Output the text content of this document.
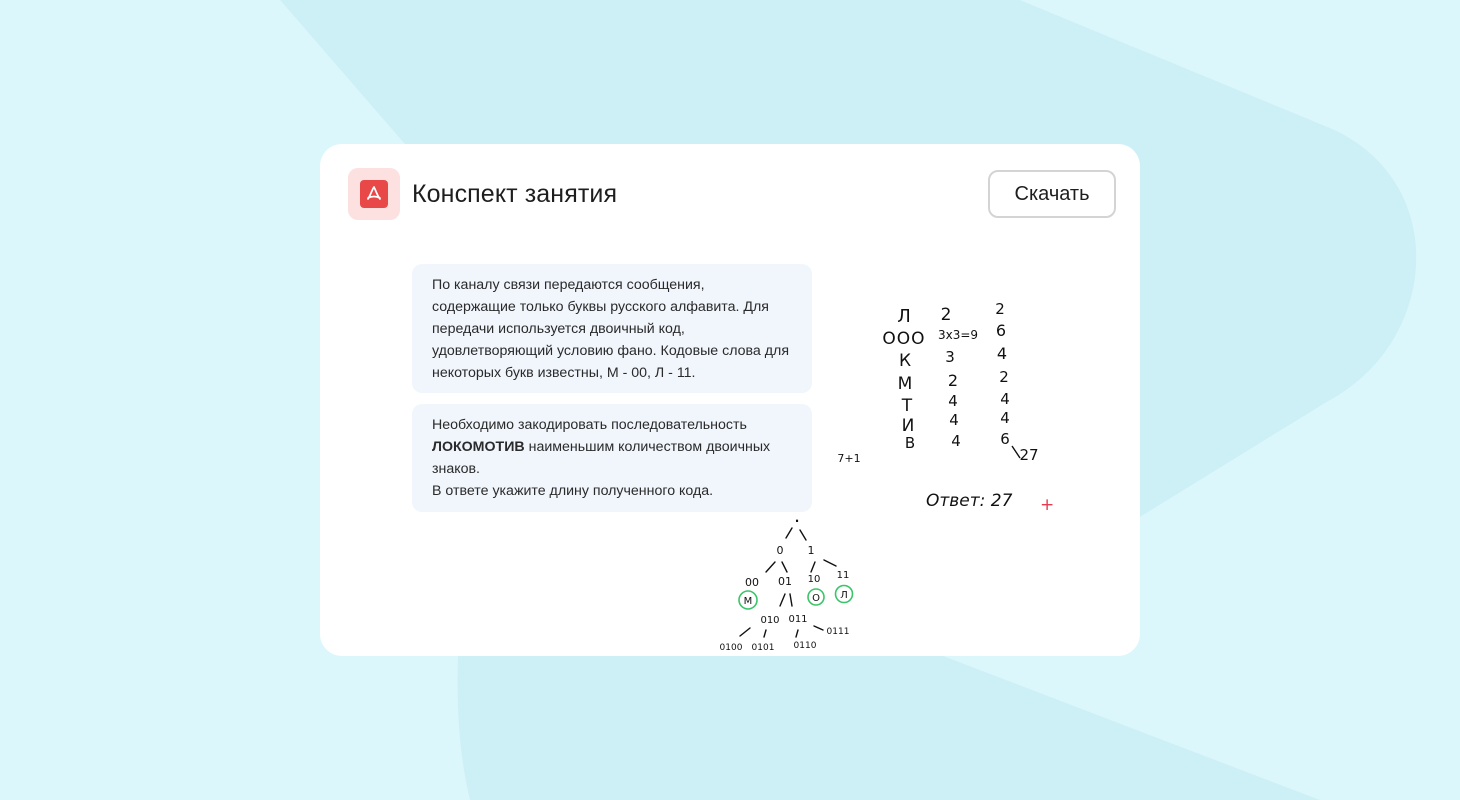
Конспект занятия	Скачать
По каналу связи передаются сообщения, содержащие только буквы русского алфавита. Для передачи используется двоичный код, удовлетворяющий условию фано. Кодовые слова для некоторых букв известны, М - 00, Л - 11.
Необходимо закодировать последовательность ЛОКОМОТИВ наименьшим количеством двоичных знаков.
В ответе укажите длину полученного кода.
Л
ООО
К
М
Т
И
В
2
3x3=9
3
2
4
4
4
2
6
4
2
4
4
6
27
7+1
Ответ: 27 +
.
0 1
00 01 10 11
М	О Л
010 011
0100 0101 0110
0111
